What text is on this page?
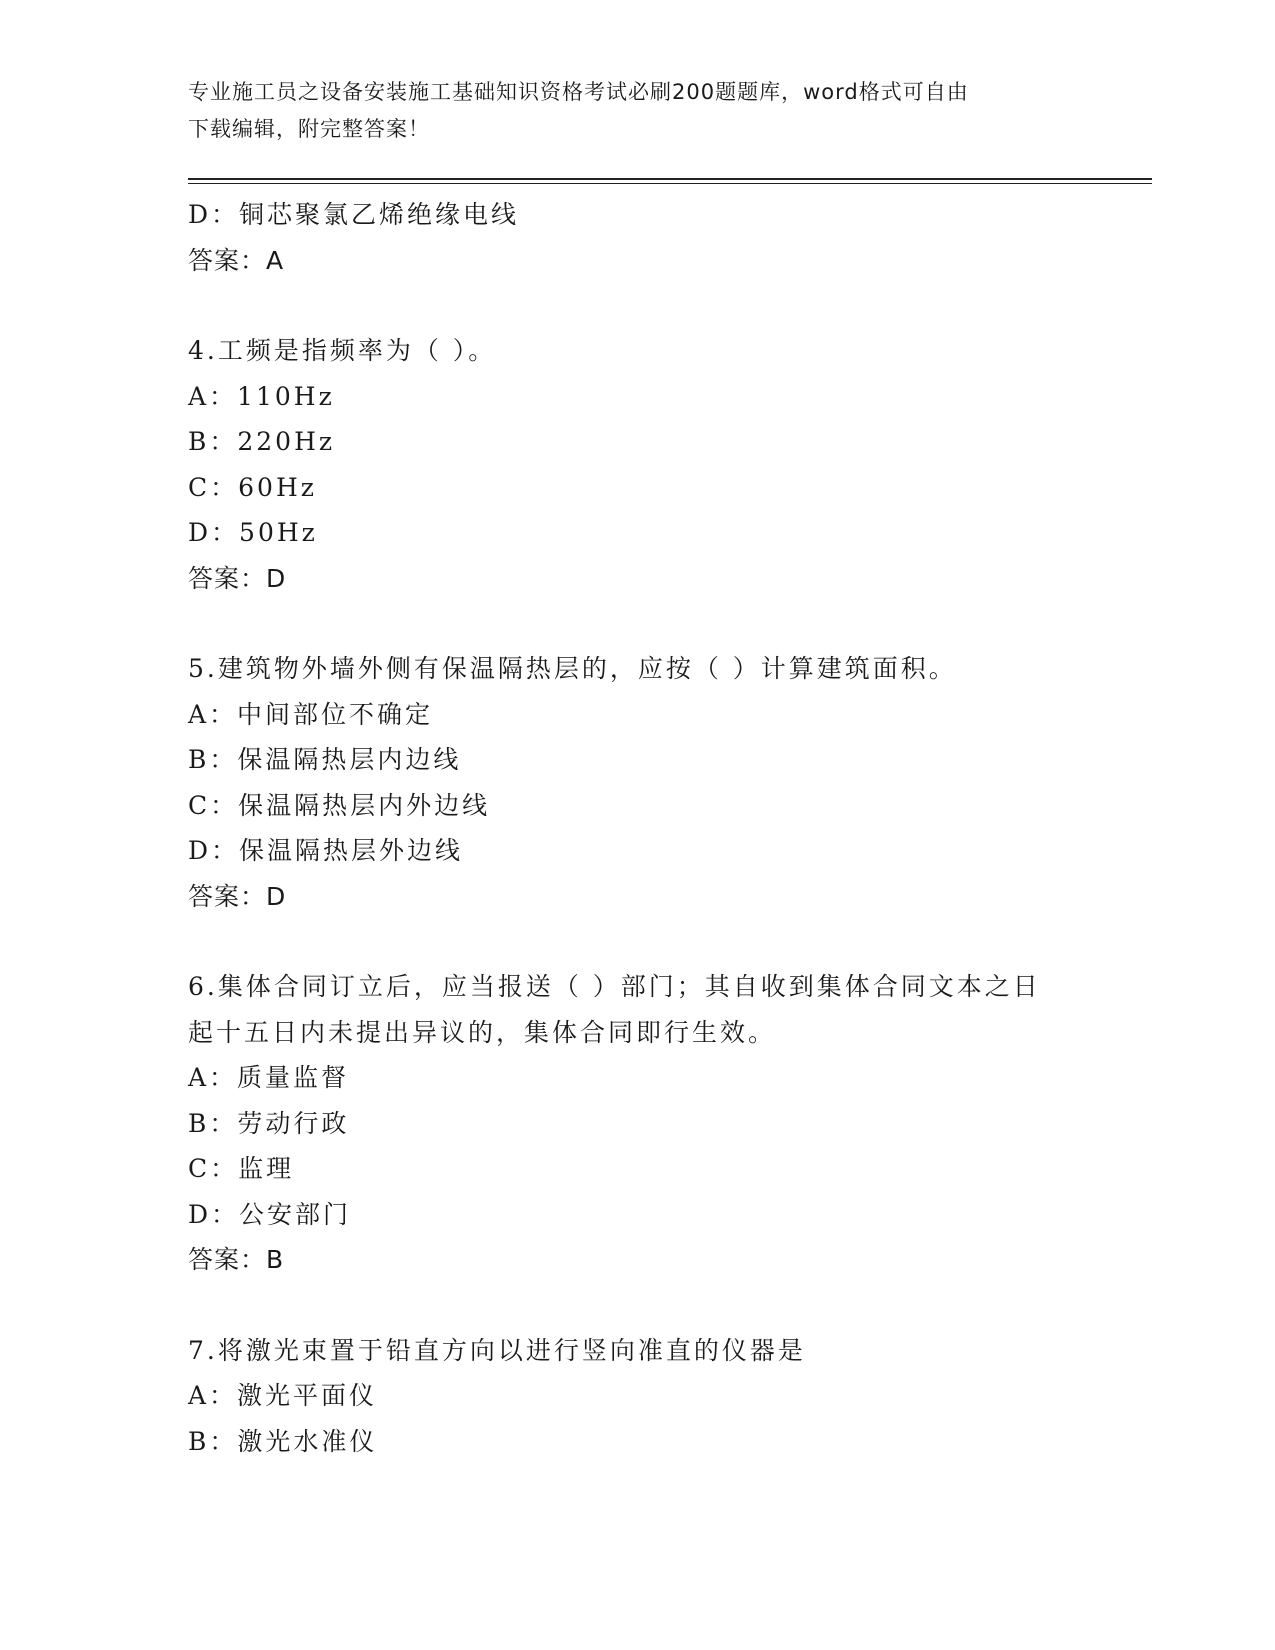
专业施工员之设备安装施工基础知识资格考试必刷200题题库，word格式可自由
下载编辑，附完整答案！
D：铜芯聚氯乙烯绝缘电线
答案：A
4.工频是指频率为（ ）。
A：110Hz
B：220Hz
C：60Hz
D：50Hz
答案：D
5.建筑物外墙外侧有保温隔热层的，应按（ ）计算建筑面积。
A：中间部位不确定
B：保温隔热层内边线
C：保温隔热层内外边线
D：保温隔热层外边线
答案：D
6.集体合同订立后，应当报送（ ）部门；其自收到集体合同文本之日
起十五日内未提出异议的，集体合同即行生效。
A：质量监督
B：劳动行政
C：监理
D：公安部门
答案：B
7.将激光束置于铅直方向以进行竖向准直的仪器是
A：激光平面仪
B：激光水准仪
